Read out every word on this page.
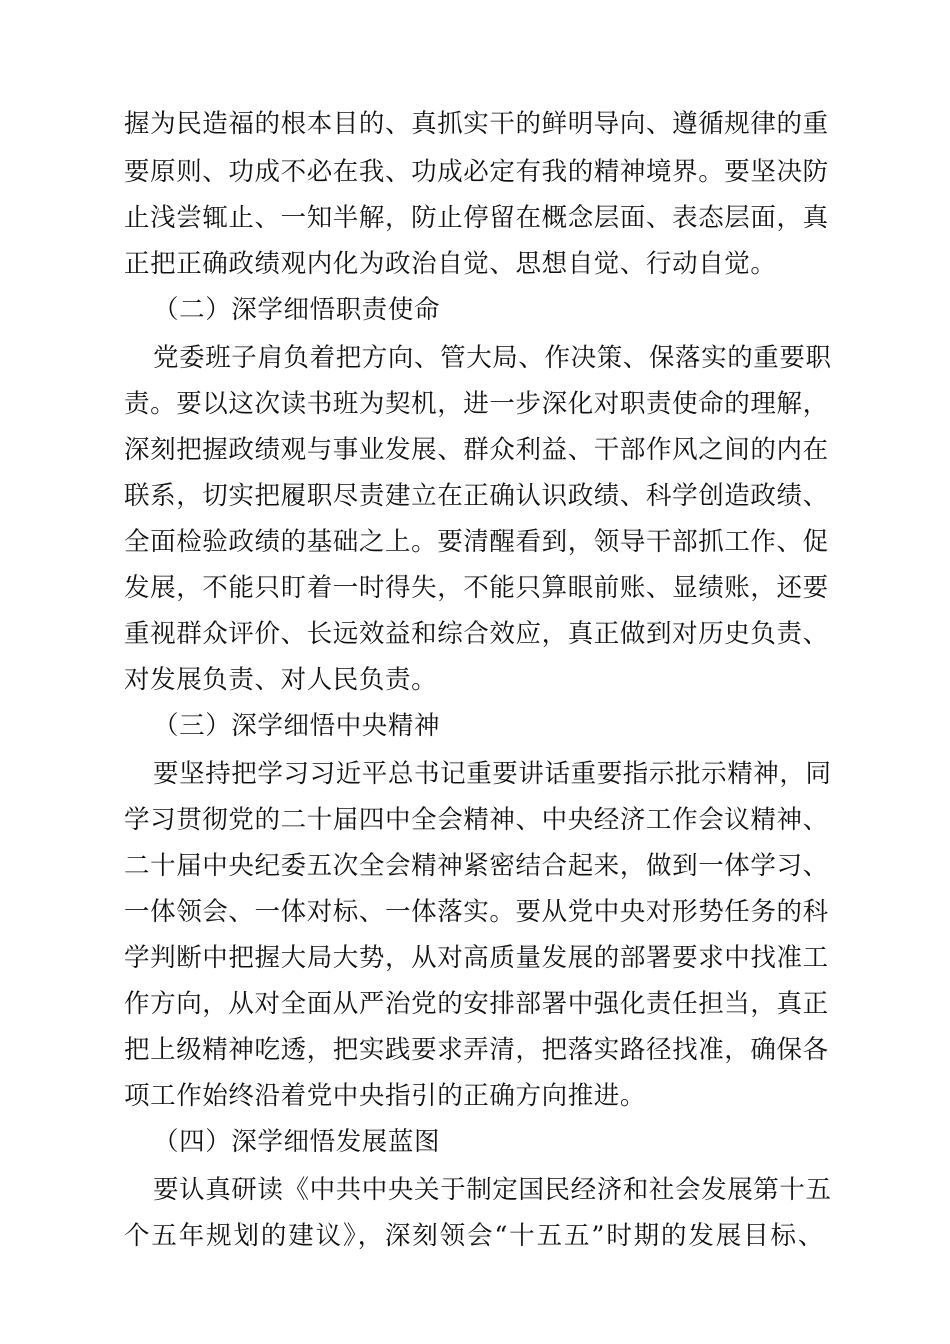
握为民造福的根本目的、真抓实干的鲜明导向、遵循规律的重
要原则、功成不必在我、功成必定有我的精神境界。要坚决防
止浅尝辄止、一知半解，防止停留在概念层面、表态层面，真
正把正确政绩观内化为政治自觉、思想自觉、行动自觉。
（二）深学细悟职责使命
党委班子肩负着把方向、管大局、作决策、保落实的重要职
责。要以这次读书班为契机，进一步深化对职责使命的理解，
深刻把握政绩观与事业发展、群众利益、干部作风之间的内在
联系，切实把履职尽责建立在正确认识政绩、科学创造政绩、
全面检验政绩的基础之上。要清醒看到，领导干部抓工作、促
发展，不能只盯着一时得失，不能只算眼前账、显绩账，还要
重视群众评价、长远效益和综合效应，真正做到对历史负责、
对发展负责、对人民负责。
（三）深学细悟中央精神
要坚持把学习习近平总书记重要讲话重要指示批示精神，同
学习贯彻党的二十届四中全会精神、中央经济工作会议精神、
二十届中央纪委五次全会精神紧密结合起来，做到一体学习、
一体领会、一体对标、一体落实。要从党中央对形势任务的科
学判断中把握大局大势，从对高质量发展的部署要求中找准工
作方向，从对全面从严治党的安排部署中强化责任担当，真正
把上级精神吃透，把实践要求弄清，把落实路径找准，确保各
项工作始终沿着党中央指引的正确方向推进。
（四）深学细悟发展蓝图
要认真研读《中共中央关于制定国民经济和社会发展第十五
个五年规划的建议》，深刻领会“十五五”时期的发展目标、
